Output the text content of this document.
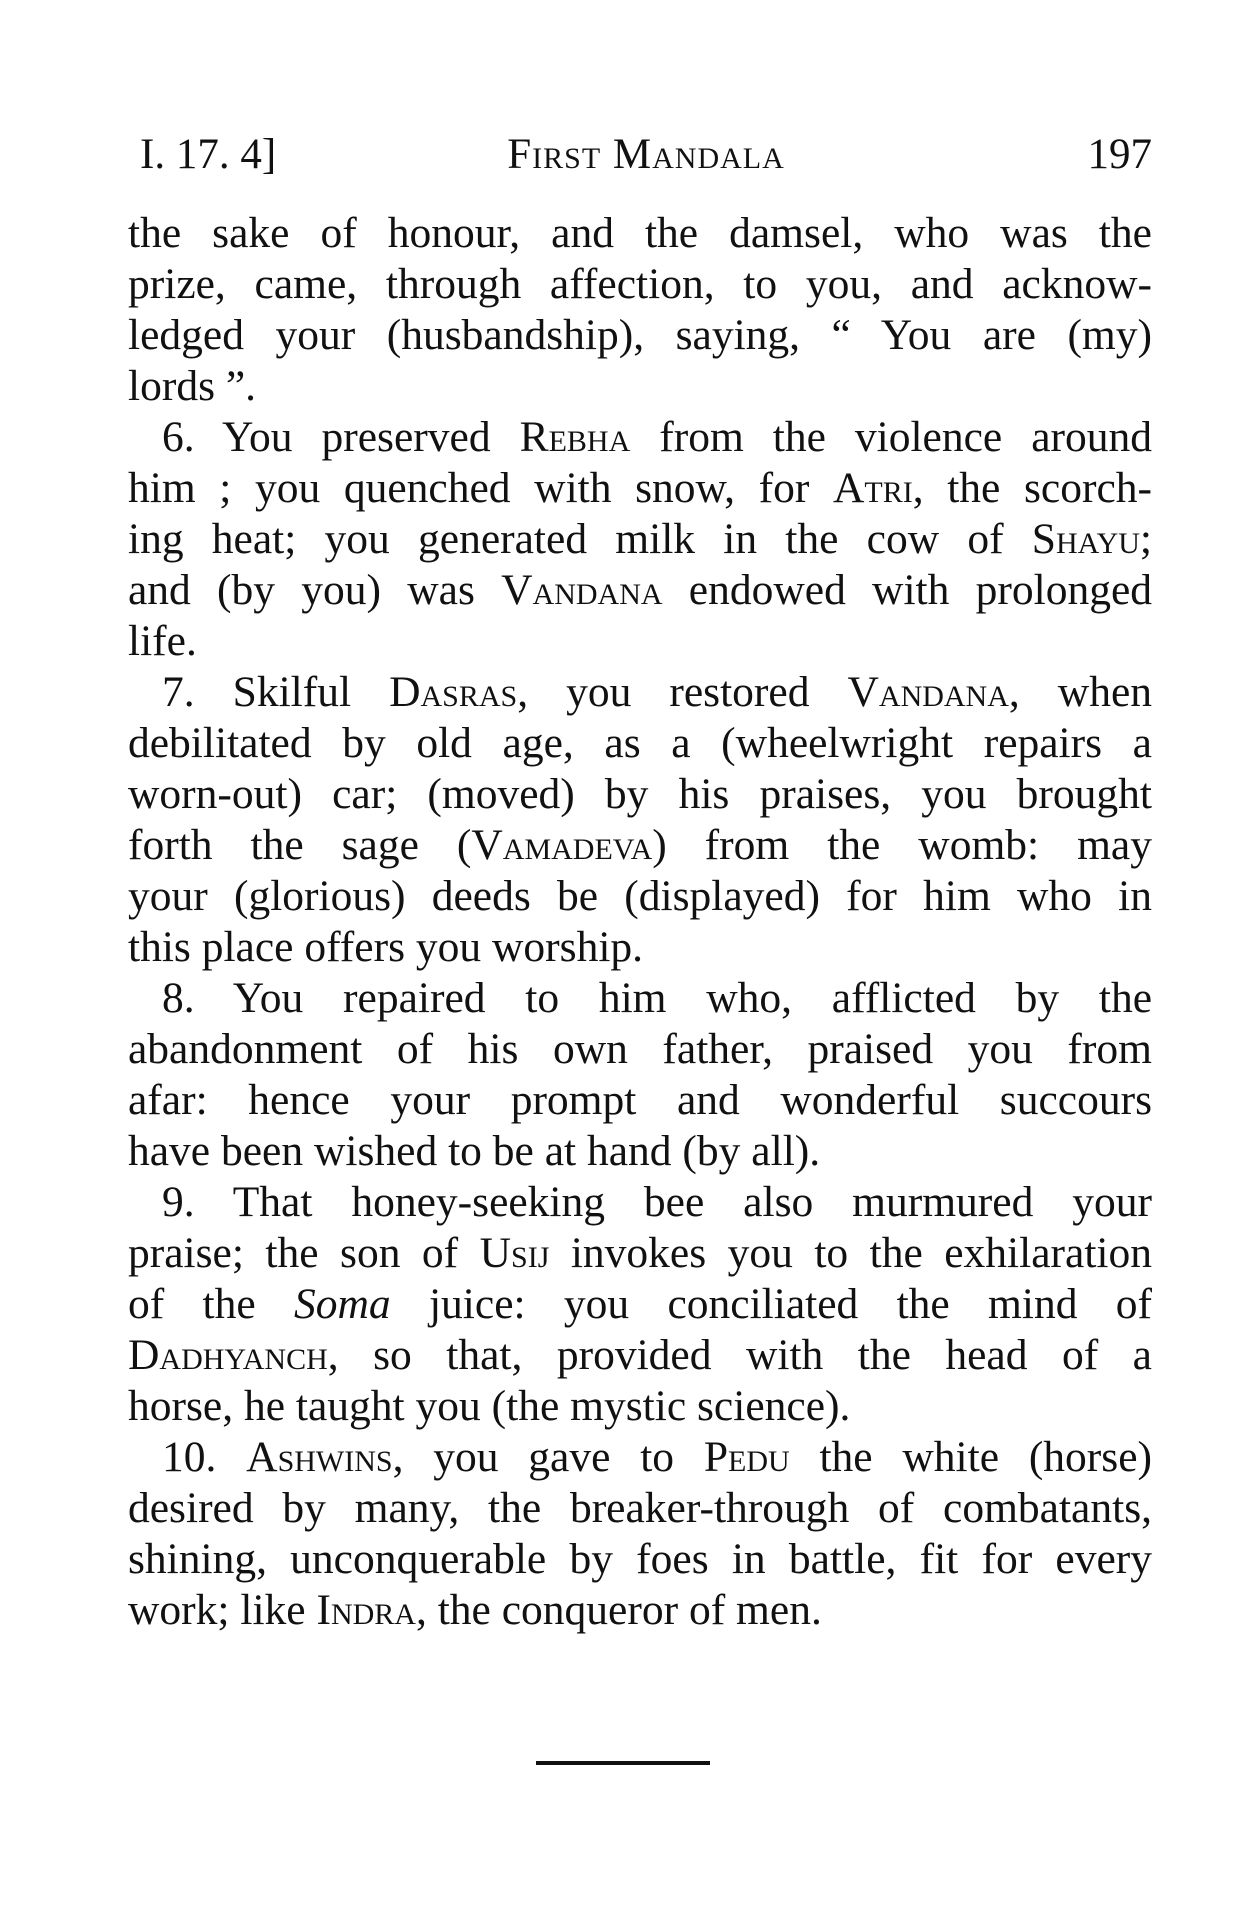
I. 17. 4]	First Mandala	197
the sake of honour, and the damsel, who was the
prize, came, through affection, to you, and acknow-
ledged your (husbandship), saying, “ You are (my)
lords ”.
6. You preserved Rebha from the violence around
him ; you quenched with snow, for Atri, the scorch-
ing heat; you generated milk in the cow of Shayu;
and (by you) was Vandana endowed with prolonged
life.
7. Skilful Dasras, you restored Vandana, when
debilitated by old age, as a (wheelwright repairs a
worn-out) car; (moved) by his praises, you brought
forth the sage (Vamadeva) from the womb: may
your (glorious) deeds be (displayed) for him who in
this place offers you worship.
8. You repaired to him who, afflicted by the
abandonment of his own father, praised you from
afar: hence your prompt and wonderful succours
have been wished to be at hand (by all).
9. That honey-seeking bee also murmured your
praise; the son of Usij invokes you to the exhilaration
of the Soma juice: you conciliated the mind of
Dadhyanch, so that, provided with the head of a
horse, he taught you (the mystic science).
10. Ashwins, you gave to Pedu the white (horse)
desired by many, the breaker-through of combatants,
shining, unconquerable by foes in battle, fit for every
work; like Indra, the conqueror of men.
